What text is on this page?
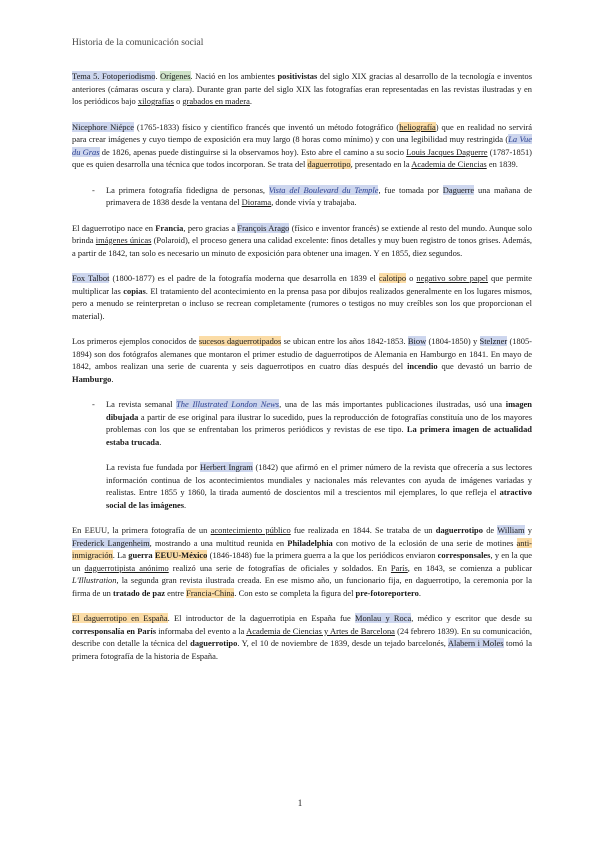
Historia de la comunicación social

Tema 5. Fotoperiodismo. Orígenes. Nació en los ambientes positivistas del siglo XIX gracias al desarrollo de la tecnología e inventos anteriores (cámaras oscura y clara). Durante gran parte del siglo XIX las fotografías eran representadas en las revistas ilustradas y en los periódicos bajo xilografías o grabados en madera.

Nicephore Niépce (1765-1833) físico y científico francés que inventó un método fotográfico (heliografía) que en realidad no servirá para crear imágenes y cuyo tiempo de exposición era muy largo (8 horas como mínimo) y con una legibilidad muy restringida (La Vue du Gras de 1826, apenas puede distinguirse si la observamos hoy). Esto abre el camino a su socio Louis Jacques Daguerre (1787-1851) que es quien desarrolla una técnica que todos incorporan. Se trata del daguerrotipo, presentado en la Academia de Ciencias en 1839.

- La primera fotografía fidedigna de personas, Vista del Boulevard du Temple, fue tomada por Daguerre una mañana de primavera de 1838 desde la ventana del Diorama, donde vivía y trabajaba.

El daguerrotipo nace en Francia, pero gracias a François Arago (físico e inventor francés) se extiende al resto del mundo. Aunque solo brinda imágenes únicas (Polaroid), el proceso genera una calidad excelente: finos detalles y muy buen registro de tonos grises. Además, a partir de 1842, tan solo es necesario un minuto de exposición para obtener una imagen. Y en 1855, diez segundos.

Fox Talbot (1800-1877) es el padre de la fotografía moderna que desarrolla en 1839 el calotipo o negativo sobre papel que permite multiplicar las copias. El tratamiento del acontecimiento en la prensa pasa por dibujos realizados generalmente en los lugares mismos, pero a menudo se reinterpretan o incluso se recrean completamente (rumores o testigos no muy creíbles son los que proporcionan el material).

Los primeros ejemplos conocidos de sucesos daguerrotipados se ubican entre los años 1842-1853. Biow (1804-1850) y Stelzner (1805-1894) son dos fotógrafos alemanes que montaron el primer estudio de daguerrotipos de Alemania en Hamburgo en 1841. En mayo de 1842, ambos realizan una serie de cuarenta y seis daguerrotipos en cuatro días después del incendio que devastó un barrio de Hamburgo.

- La revista semanal The Illustrated London News, una de las más importantes publicaciones ilustradas, usó una imagen dibujada a partir de ese original para ilustrar lo sucedido, pues la reproducción de fotografías constituía uno de los mayores problemas con los que se enfrentaban los primeros periódicos y revistas de ese tipo. La primera imagen de actualidad estaba trucada.
La revista fue fundada por Herbert Ingram (1842) que afirmó en el primer número de la revista que ofrecería a sus lectores información continua de los acontecimientos mundiales y nacionales más relevantes con ayuda de imágenes variadas y realistas. Entre 1855 y 1860, la tirada aumentó de doscientos mil a trescientos mil ejemplares, lo que refleja el atractivo social de las imágenes.

En EEUU, la primera fotografía de un acontecimiento público fue realizada en 1844. Se trataba de un daguerrotipo de William y Frederick Langenheim, mostrando a una multitud reunida en Philadelphia con motivo de la eclosión de una serie de motines anti-inmigración. La guerra EEUU-México (1846-1848) fue la primera guerra a la que los periódicos enviaron corresponsales, y en la que un daguerrotipista anónimo realizó una serie de fotografías de oficiales y soldados. En París, en 1843, se comienza a publicar L'Illustration, la segunda gran revista ilustrada creada. En ese mismo año, un funcionario fija, en daguerrotipo, la ceremonia por la firma de un tratado de paz entre Francia-China. Con esto se completa la figura del pre-fotoreportero.

El daguerrotipo en España. El introductor de la daguerrotipia en España fue Monlau y Roca, médico y escritor que desde su corresponsalía en París informaba del evento a la Academia de Ciencias y Artes de Barcelona (24 febrero 1839). En su comunicación, describe con detalle la técnica del daguerrotipo. Y, el 10 de noviembre de 1839, desde un tejado barcelonés, Alabern i Moles tomó la primera fotografía de la historia de España.

1
